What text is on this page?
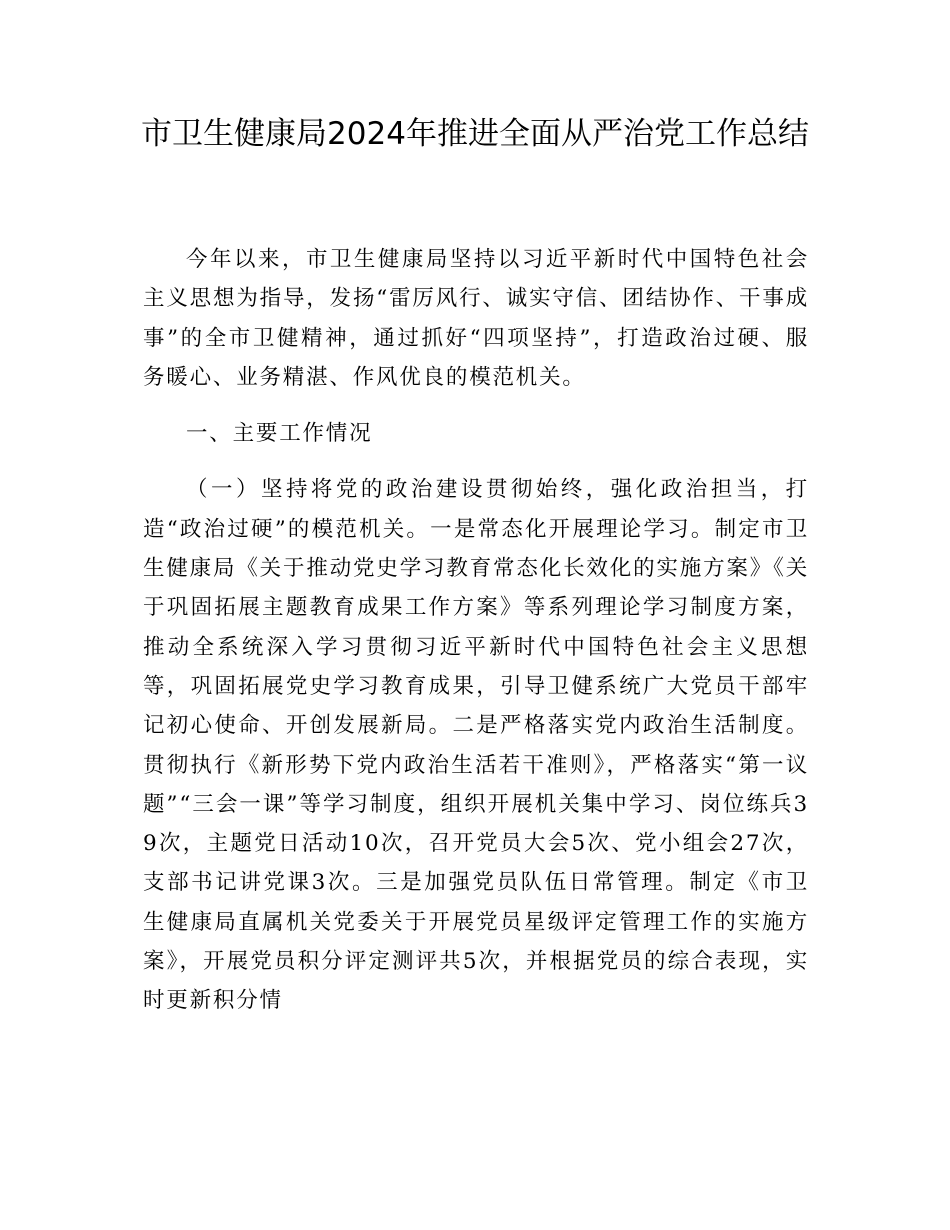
市卫生健康局2024年推进全面从严治党工作总结

今年以来，市卫生健康局坚持以习近平新时代中国特色社会主义思想为指导，发扬“雷厉风行、诚实守信、团结协作、干事成事”的全市卫健精神，通过抓好“四项坚持”，打造政治过硬、服务暖心、业务精湛、作风优良的模范机关。

一、主要工作情况

（一）坚持将党的政治建设贯彻始终，强化政治担当，打造“政治过硬”的模范机关。一是常态化开展理论学习。制定市卫生健康局《关于推动党史学习教育常态化长效化的实施方案》《关于巩固拓展主题教育成果工作方案》等系列理论学习制度方案，推动全系统深入学习贯彻习近平新时代中国特色社会主义思想等，巩固拓展党史学习教育成果，引导卫健系统广大党员干部牢记初心使命、开创发展新局。二是严格落实党内政治生活制度。贯彻执行《新形势下党内政治生活若干准则》，严格落实“第一议题”“三会一课”等学习制度，组织开展机关集中学习、岗位练兵39次，主题党日活动10次，召开党员大会5次、党小组会27次，支部书记讲党课3次。三是加强党员队伍日常管理。制定《市卫生健康局直属机关党委关于开展党员星级评定管理工作的实施方案》，开展党员积分评定测评共5次，并根据党员的综合表现，实时更新积分情
